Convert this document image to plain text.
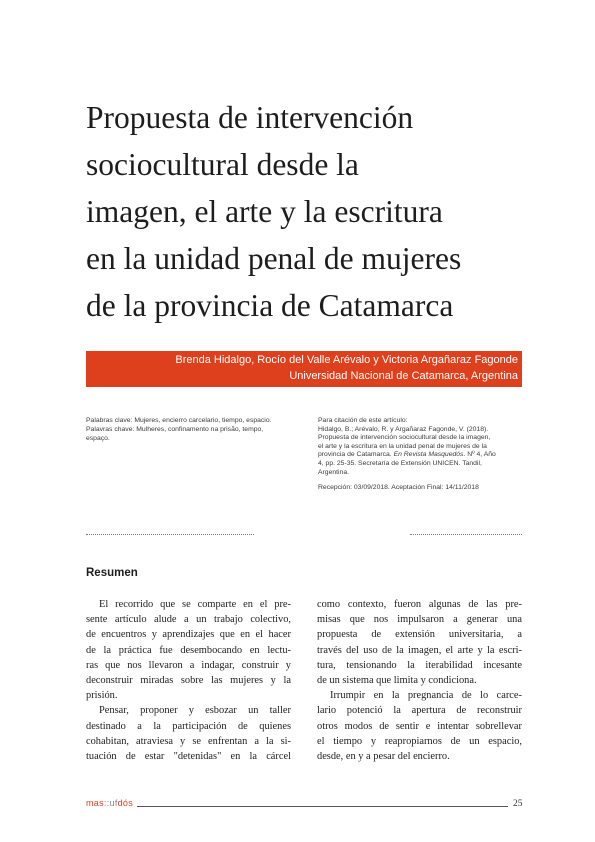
Propuesta de intervención
sociocultural desde la
imagen, el arte y la escritura
en la unidad penal de mujeres
de la provincia de Catamarca
Brenda Hidalgo, Rocío del Valle Arévalo y Victoria Argañaraz Fagonde
Universidad Nacional de Catamarca, Argentina
Palabras clave: Mujeres, encierro carcelario, tiempo, espacio.
Palavras chave: Mulheres, confinamento na prisão, tempo,
espaço.
Para citación de este artículo:
Hidalgo, B.; Arévalo, R. y Argañaraz Fagonde, V. (2018).
Propuesta de intervención sociocultural desde la imagen,
el arte y la escritura en la unidad penal de mujeres de la
provincia de Catamarca. En Revista Masquedós. Nº 4, Año
4, pp. 25-35. Secretaría de Extensión UNICEN. Tandil,
Argentina.
Recepción: 03/09/2018. Aceptación Final: 14/11/2018
Resumen
El recorrido que se comparte en el pre-
sente artículo alude a un trabajo colectivo,
de encuentros y aprendizajes que en el hacer
de la práctica fue desembocando en lectu-
ras que nos llevaron a indagar, construir y
deconstruir miradas sobre las mujeres y la
prisión.
Pensar, proponer y esbozar un taller
destinado a la participación de quienes
cohabitan, atraviesa y se enfrentan a la si-
tuación de estar "detenidas" en la cárcel
como contexto, fueron algunas de las pre-
misas que nos impulsaron a generar una
propuesta de extensión universitaria, a
través del uso de la imagen, el arte y la escri-
tura, tensionando la iterabilidad incesante
de un sistema que limita y condiciona.
Irrumpir en la pregnancia de lo carce-
lario potenció la apertura de reconstruir
otros modos de sentir e intentar sobrellevar
el tiempo y reapropiarnos de un espacio,
desde, en y a pesar del encierro.
mas::ufdós	25
